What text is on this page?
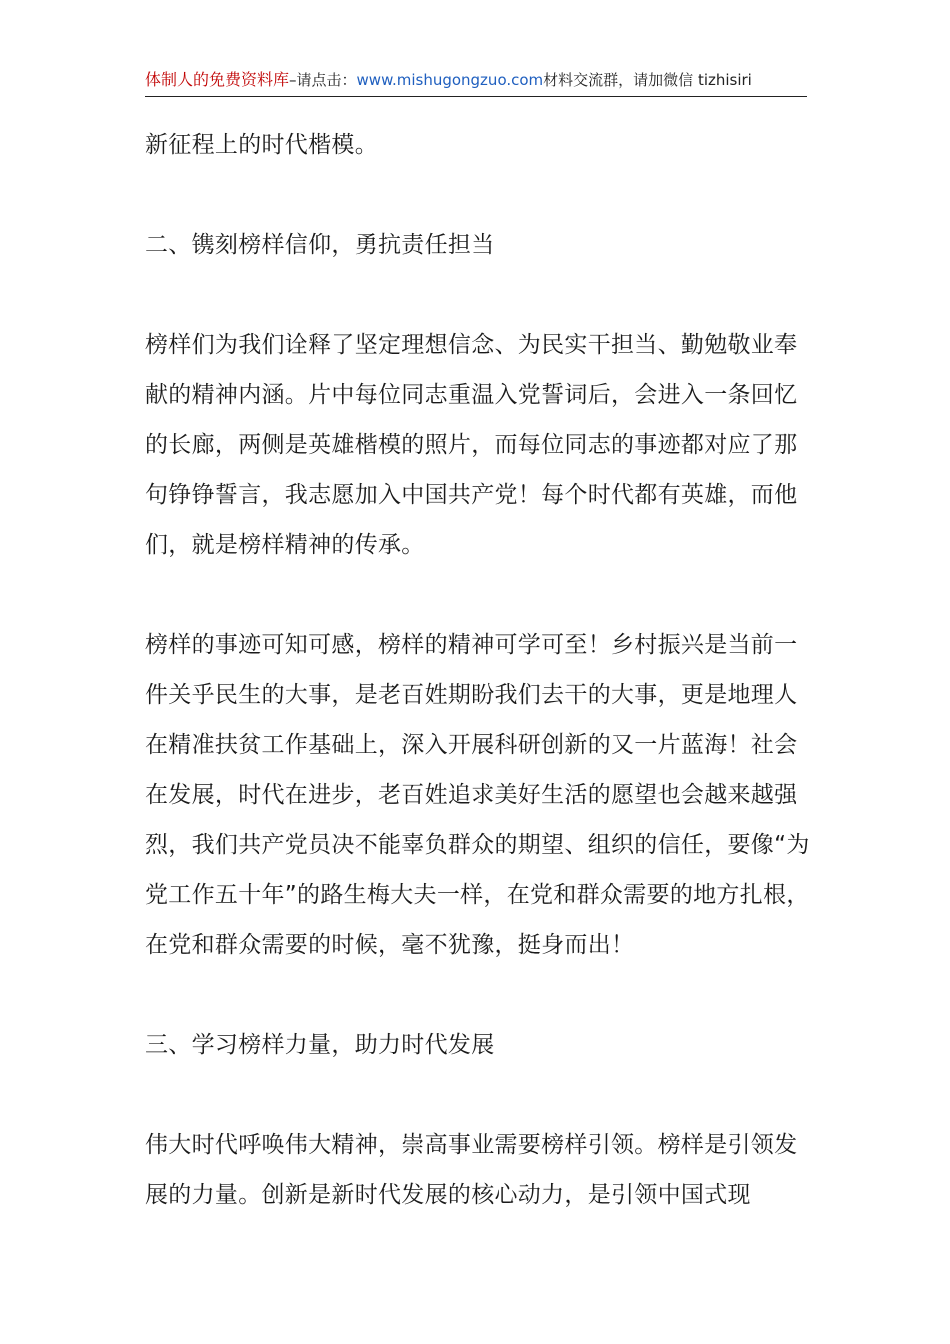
体制人的免费资料库–请点击：www.mishugongzuo.com材料交流群，请加微信 tizhisiri

新征程上的时代楷模。

二、镌刻榜样信仰，勇抗责任担当

榜样们为我们诠释了坚定理想信念、为民实干担当、勤勉敬业奉献的精神内涵。片中每位同志重温入党誓词后，会进入一条回忆的长廊，两侧是英雄楷模的照片，而每位同志的事迹都对应了那句铮铮誓言，我志愿加入中国共产党！每个时代都有英雄，而他们，就是榜样精神的传承。

榜样的事迹可知可感，榜样的精神可学可至！乡村振兴是当前一件关乎民生的大事，是老百姓期盼我们去干的大事，更是地理人在精准扶贫工作基础上，深入开展科研创新的又一片蓝海！社会在发展，时代在进步，老百姓追求美好生活的愿望也会越来越强烈，我们共产党员决不能辜负群众的期望、组织的信任，要像“为党工作五十年”的路生梅大夫一样，在党和群众需要的地方扎根，在党和群众需要的时候，毫不犹豫，挺身而出！

三、学习榜样力量，助力时代发展

伟大时代呼唤伟大精神，崇高事业需要榜样引领。榜样是引领发展的力量。创新是新时代发展的核心动力，是引领中国式现
